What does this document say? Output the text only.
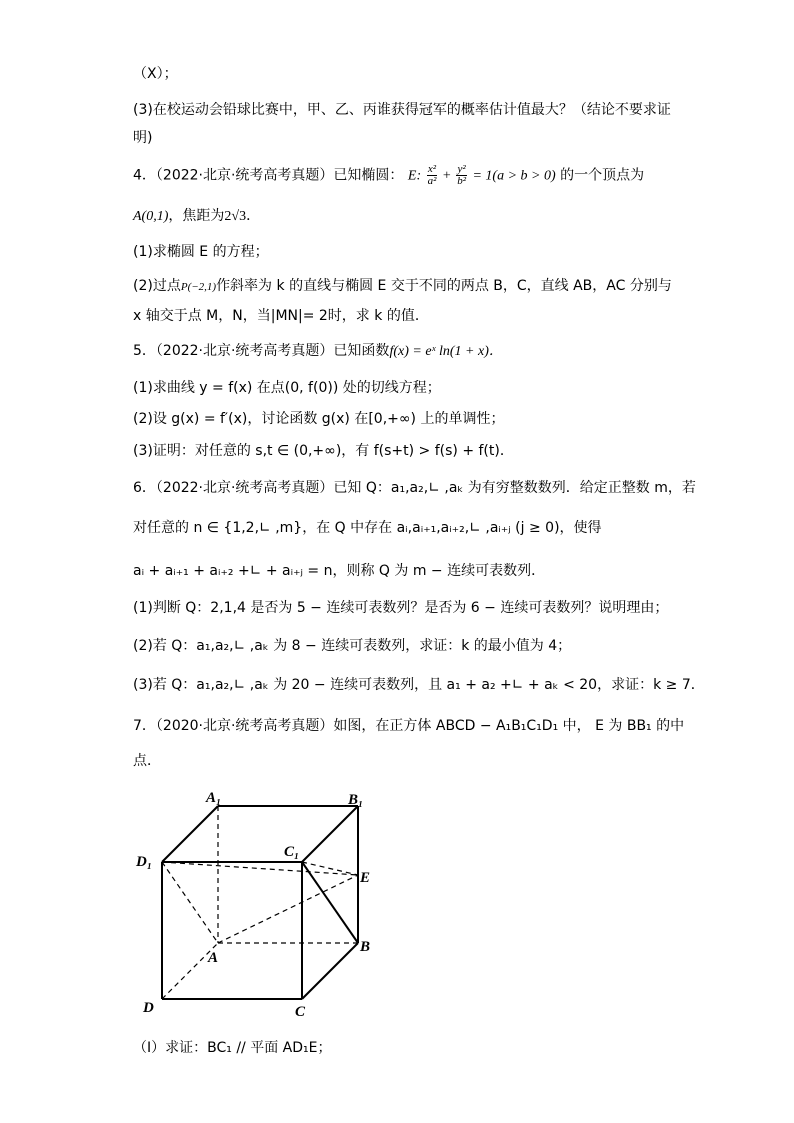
（X）；
(3)在校运动会铅球比赛中，甲、乙、丙谁获得冠军的概率估计值最大？（结论不要求证
明)
4．（2022·北京·统考高考真题）已知椭圆： E: $\frac{\text{x²}}{\text{a²}} + \frac{\text{y²}}{\text{b²}} = 1(a > b > 0)$ 的一个顶点为
A(0,1)，焦距为2√3．
(1)求椭圆 E 的方程；
(2)过点P(−2,1)作斜率为 k 的直线与椭圆 E 交于不同的两点 B，C，直线 AB，AC 分别与
x 轴交于点 M，N，当|MN|= 2时，求 k 的值．
5．（2022·北京·统考高考真题）已知函数f(x) = eˣ ln(1 + x)．
(1)求曲线 y = f(x) 在点(0, f(0)) 处的切线方程；
(2)设 g(x) = f′(x)，讨论函数 g(x) 在[0,+∞) 上的单调性；
(3)证明：对任意的 s,t ∈ (0,+∞)，有 f(s+t) > f(s) + f(t)．
6．（2022·北京·统考高考真题）已知 Q：a₁,a₂,∟ ,aₖ 为有穷整数数列．给定正整数 m，若
对任意的 n ∈ {1,2,∟ ,m}，在 Q 中存在 aᵢ,aᵢ₊₁,aᵢ₊₂,∟ ,aᵢ₊ⱼ (j ≥ 0)，使得
aᵢ + aᵢ₊₁ + aᵢ₊₂ +∟ + aᵢ₊ⱼ = n，则称 Q 为 m − 连续可表数列．
(1)判断 Q：2,1,4 是否为 5 − 连续可表数列？是否为 6 − 连续可表数列？说明理由；
(2)若 Q：a₁,a₂,∟ ,aₖ 为 8 − 连续可表数列，求证：k 的最小值为 4；
(3)若 Q：a₁,a₂,∟ ,aₖ 为 20 − 连续可表数列，且 a₁ + a₂ +∟ + aₖ < 20，求证：k ≥ 7．
7．（2020·北京·统考高考真题）如图，在正方体 ABCD − A₁B₁C₁D₁ 中， E 为 BB₁ 的中
点．
A₁	B₁
C₁
D₁
E
A
B
C
D
（Ⅰ）求证：BC₁ // 平面 AD₁E；
